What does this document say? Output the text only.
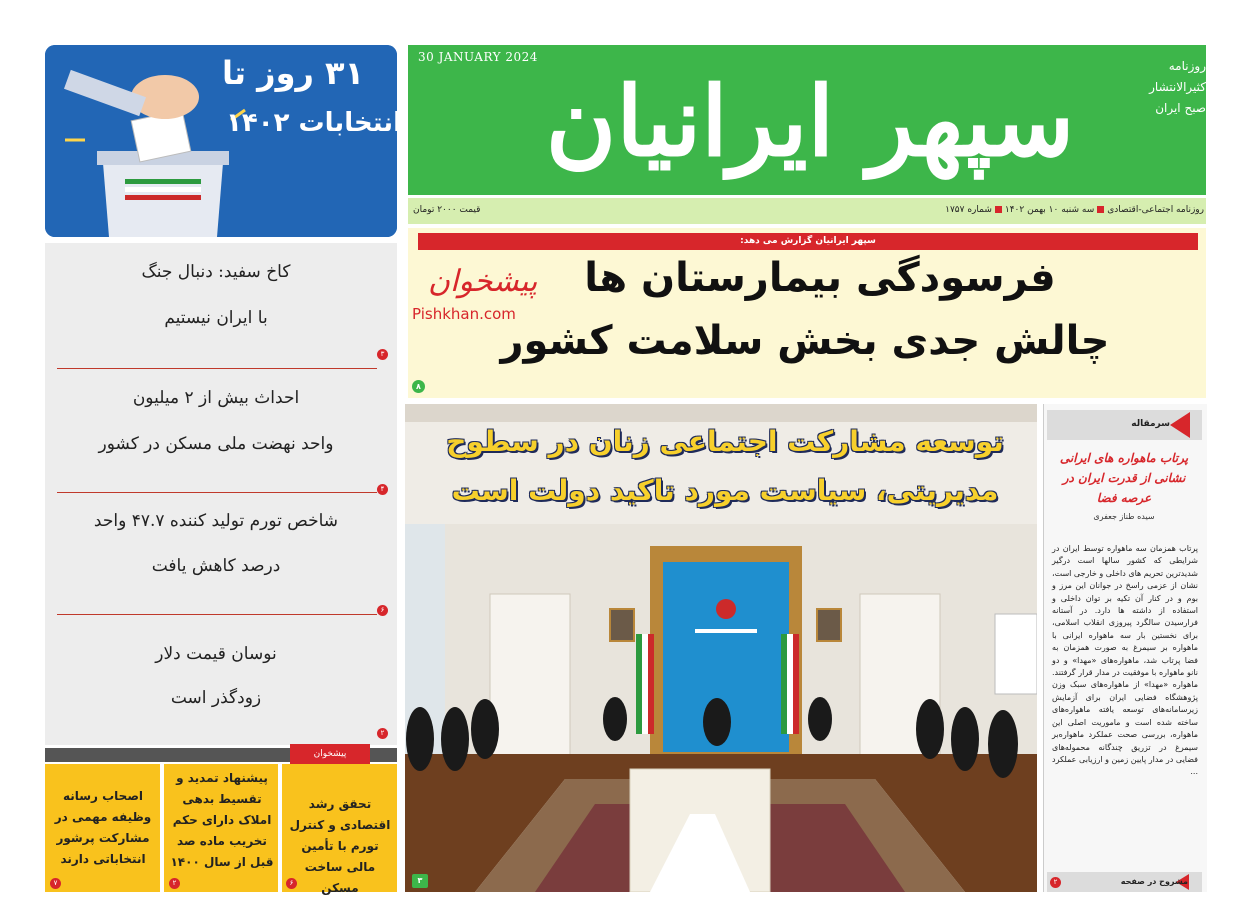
30 JANUARY 2024
سپهر ایرانیان	روزنامه
کثیرالانتشار
صبح ایران
قیمت ۲۰۰۰ تومان	روزنامه اجتماعی-اقتصادیسه شنبه ۱۰ بهمن ۱۴۰۲شماره ۱۷۵۷
سپهر ایرانیان گزارش می دهد:
فرسودگی بیمارستان ها
چالش جدی بخش سلامت کشور
پیشخوان
Pishkhan.com
۸
توسعه مشارکت اجتماعی زنان در سطوح
مدیریتی، سیاست مورد تاکید دولت است
۳
۳۱ روز تا
انتخابات ۱۴۰۲
کاخ سفید: دنبال جنگ
با ایران نیستیم
۳
احداث بیش از ۲ میلیون
واحد نهضت ملی مسکن در کشور
۴
شاخص تورم تولید کننده ۴۷.۷ واحد
درصد کاهش یافت
۶
نوسان قیمت دلار
زودگذر است
۲
پیشخوان
تحقق رشد اقتصادی و کنترل تورم با تأمین مالی ساخت مسکن
پیشنهاد تمدید و تقسیط بدهی املاک دارای حکم تخریب ماده صد قبل از سال ۱۴۰۰
اصحاب رسانه وظیفه مهمی در مشارکت پرشور انتخاباتی دارند
۶
۲
۷
سرمقاله
پرتاب ماهواره های ایرانی نشانی از قدرت ایران در عرصه فضا
سیده طناز جعفری
پرتاب همزمان سه ماهواره توسط ایران در شرایطی که کشور سالها است درگیر شدیدترین تحریم های داخلی و خارجی است، نشان از عزمی راسخ در جوانان این مرز و بوم و در کنار آن تکیه بر توان داخلی و استفاده از داشته ها دارد. در آستانه فرارسیدن سالگرد پیروزی انقلاب اسلامی، برای نخستین بار سه ماهواره ایرانی با ماهواره بر سیمرغ به صورت همزمان به فضا پرتاب شد، ماهواره‌های «مهدا» و دو نانو ماهواره با موفقیت در مدار قرار گرفتند. ماهواره «مهدا» از ماهواره‌های سبک وزن پژوهشگاه فضایی ایران برای آزمایش زیرسامانه‌های توسعه یافته ماهواره‌های ساخته شده است و ماموریت اصلی این ماهواره، بررسی صحت عملکرد ماهواره‌بر سیمرغ در تزریق چندگانه محموله‌های فضایی در مدار پایین زمین و ارزیابی عملکرد ...
مشروح در صفحه
۲
